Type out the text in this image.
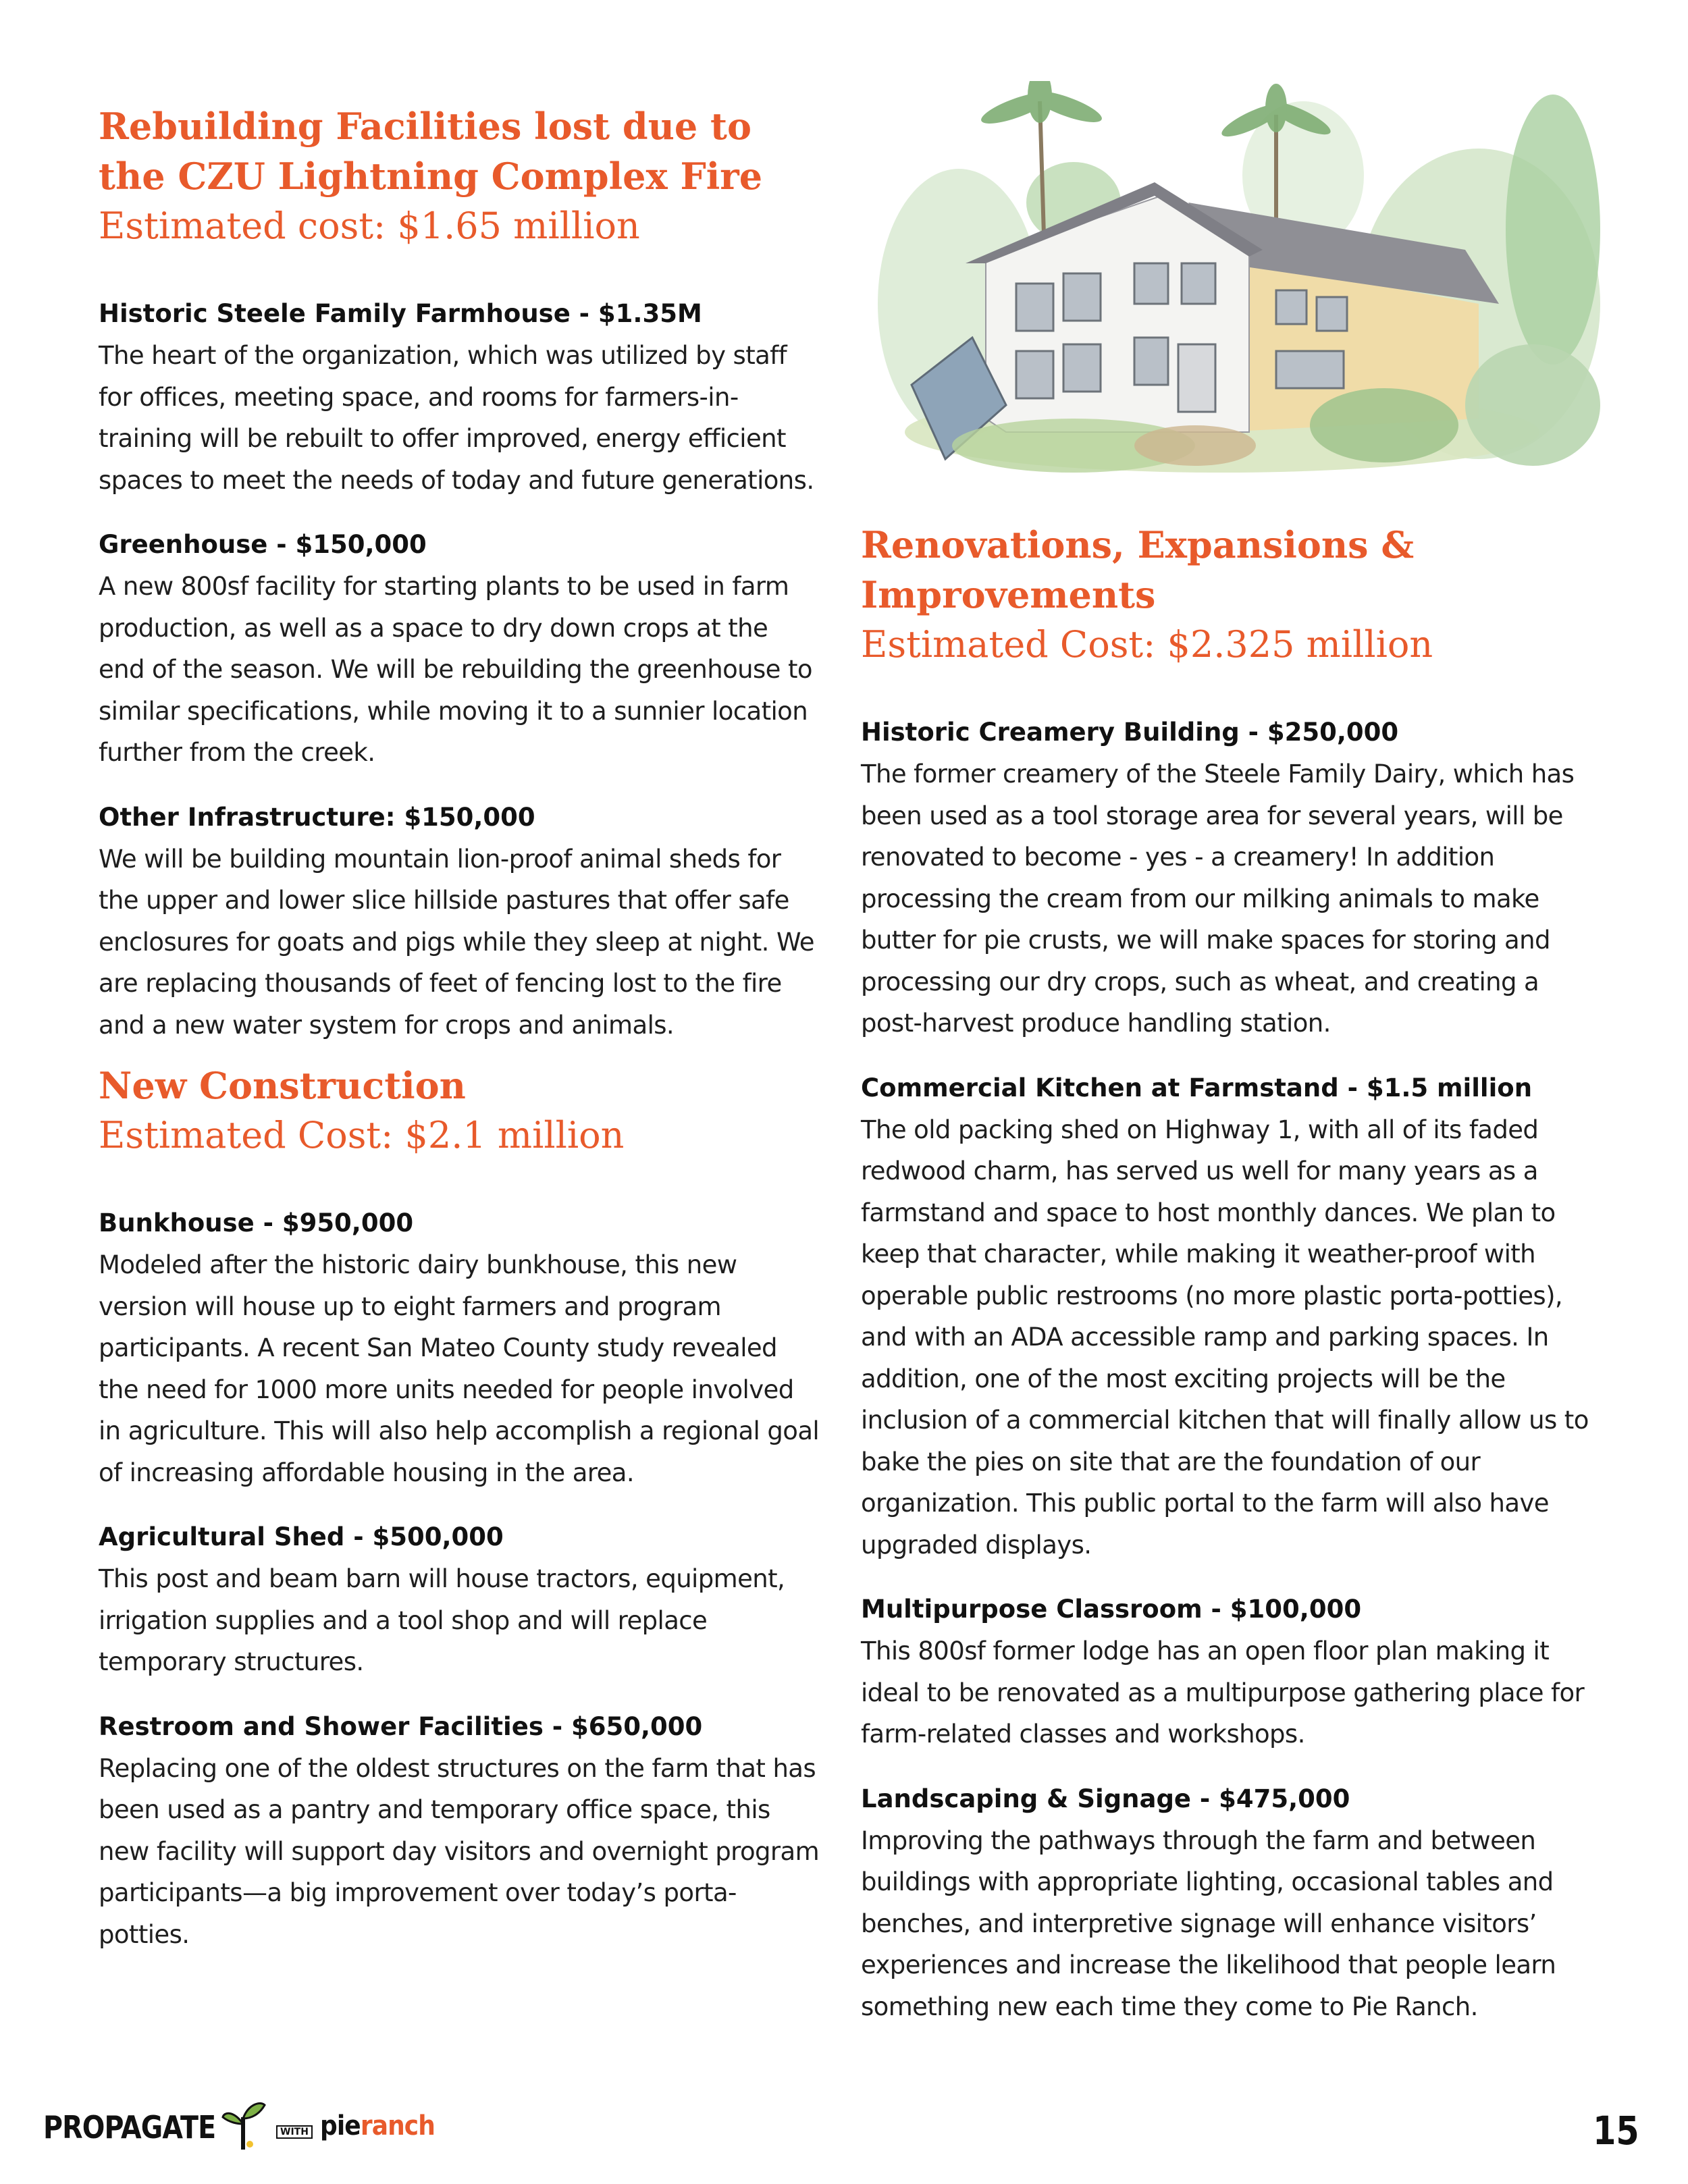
Rebuilding Facilities lost due to the CZU Lightning Complex Fire

Estimated cost: $1.65 million

Historic Steele Family Farmhouse - $1.35M

The heart of the organization, which was utilized by staff for offices, meeting space, and rooms for farmers-in-training will be rebuilt to offer improved, energy efficient spaces to meet the needs of today and future generations.

Greenhouse - $150,000

A new 800sf facility for starting plants to be used in farm production, as well as a space to dry down crops at the end of the season. We will be rebuilding the greenhouse to similar specifications, while moving it to a sunnier location further from the creek.

Other Infrastructure: $150,000

We will be building mountain lion-proof animal sheds for the upper and lower slice hillside pastures that offer safe enclosures for goats and pigs while they sleep at night. We are replacing thousands of feet of fencing lost to the fire and a new water system for crops and animals.

New Construction

Estimated Cost: $2.1 million

Bunkhouse - $950,000

Modeled after the historic dairy bunkhouse, this new version will house up to eight farmers and program participants. A recent San Mateo County study revealed the need for 1000 more units needed for people involved in agriculture. This will also help accomplish a regional goal of increasing affordable housing in the area.

Agricultural Shed - $500,000

This post and beam barn will house tractors, equipment, irrigation supplies and a tool shop and will replace temporary structures.

Restroom and Shower Facilities - $650,000

Replacing one of the oldest structures on the farm that has been used as a pantry and temporary office space, this new facility will support day visitors and overnight program participants—a big improvement over today’s porta-potties.

Renovations, Expansions & Improvements

Estimated Cost: $2.325 million

Historic Creamery Building - $250,000

The former creamery of the Steele Family Dairy, which has been used as a tool storage area for several years, will be renovated to become - yes - a creamery! In addition processing the cream from our milking animals to make butter for pie crusts, we will make spaces for storing and processing our dry crops, such as wheat, and creating a post-harvest produce handling station.

Commercial Kitchen at Farmstand - $1.5 million

The old packing shed on Highway 1, with all of its faded redwood charm, has served us well for many years as a farmstand and space to host monthly dances. We plan to keep that character, while making it weather-proof with operable public restrooms (no more plastic porta-potties), and with an ADA accessible ramp and parking spaces. In addition, one of the most exciting projects will be the inclusion of a commercial kitchen that will finally allow us to bake the pies on site that are the foundation of our organization. This public portal to the farm will also have upgraded displays.

Multipurpose Classroom - $100,000

This 800sf former lodge has an open floor plan making it ideal to be renovated as a multipurpose gathering place for farm-related classes and workshops.

Landscaping & Signage - $475,000

Improving the pathways through the farm and between buildings with appropriate lighting, occasional tables and benches, and interpretive signage will enhance visitors’ experiences and increase the likelihood that people learn something new each time they come to Pie Ranch.

PROPAGATE	WITH pieranch	15
